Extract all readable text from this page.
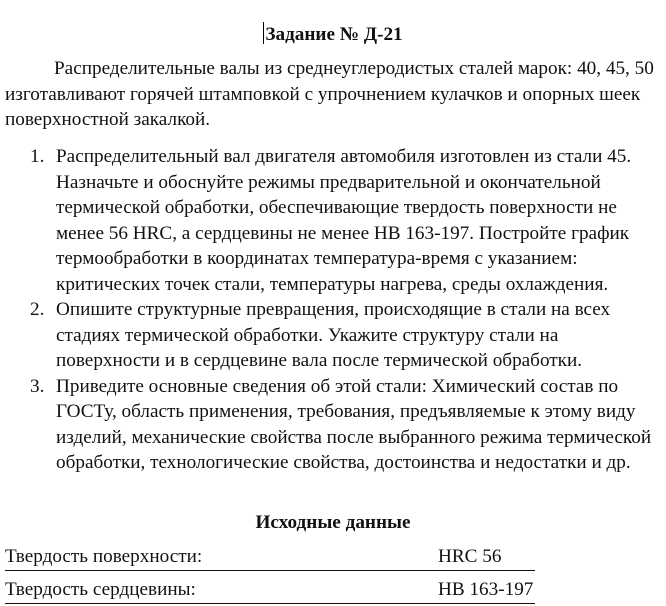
Задание № Д-21
Распределительные валы из среднеуглеродистых сталей марок: 40, 45, 50
изготавливают горячей штамповкой с упрочнением кулачков и опорных шеек
поверхностной закалкой.
1. Распределительный вал двигателя автомобиля изготовлен из стали 45.
Назначьте и обоснуйте режимы предварительной и окончательной
термической обработки, обеспечивающие твердость поверхности не
менее 56 HRC, а сердцевины не менее НВ 163-197. Постройте график
термообработки в координатах температура-время с указанием:
критических точек стали, температуры нагрева, среды охлаждения.
2. Опишите структурные превращения, происходящие в стали на всех
стадиях термической обработки. Укажите структуру стали на
поверхности и в сердцевине вала после термической обработки.
3. Приведите основные сведения об этой стали: Химический состав по
ГОСТу, область применения, требования, предъявляемые к этому виду
изделий, механические свойства после выбранного режима термической
обработки, технологические свойства, достоинства и недостатки и др.
Исходные данные
Твердость поверхности:	HRC 56
Твердость сердцевины:	НВ 163-197
